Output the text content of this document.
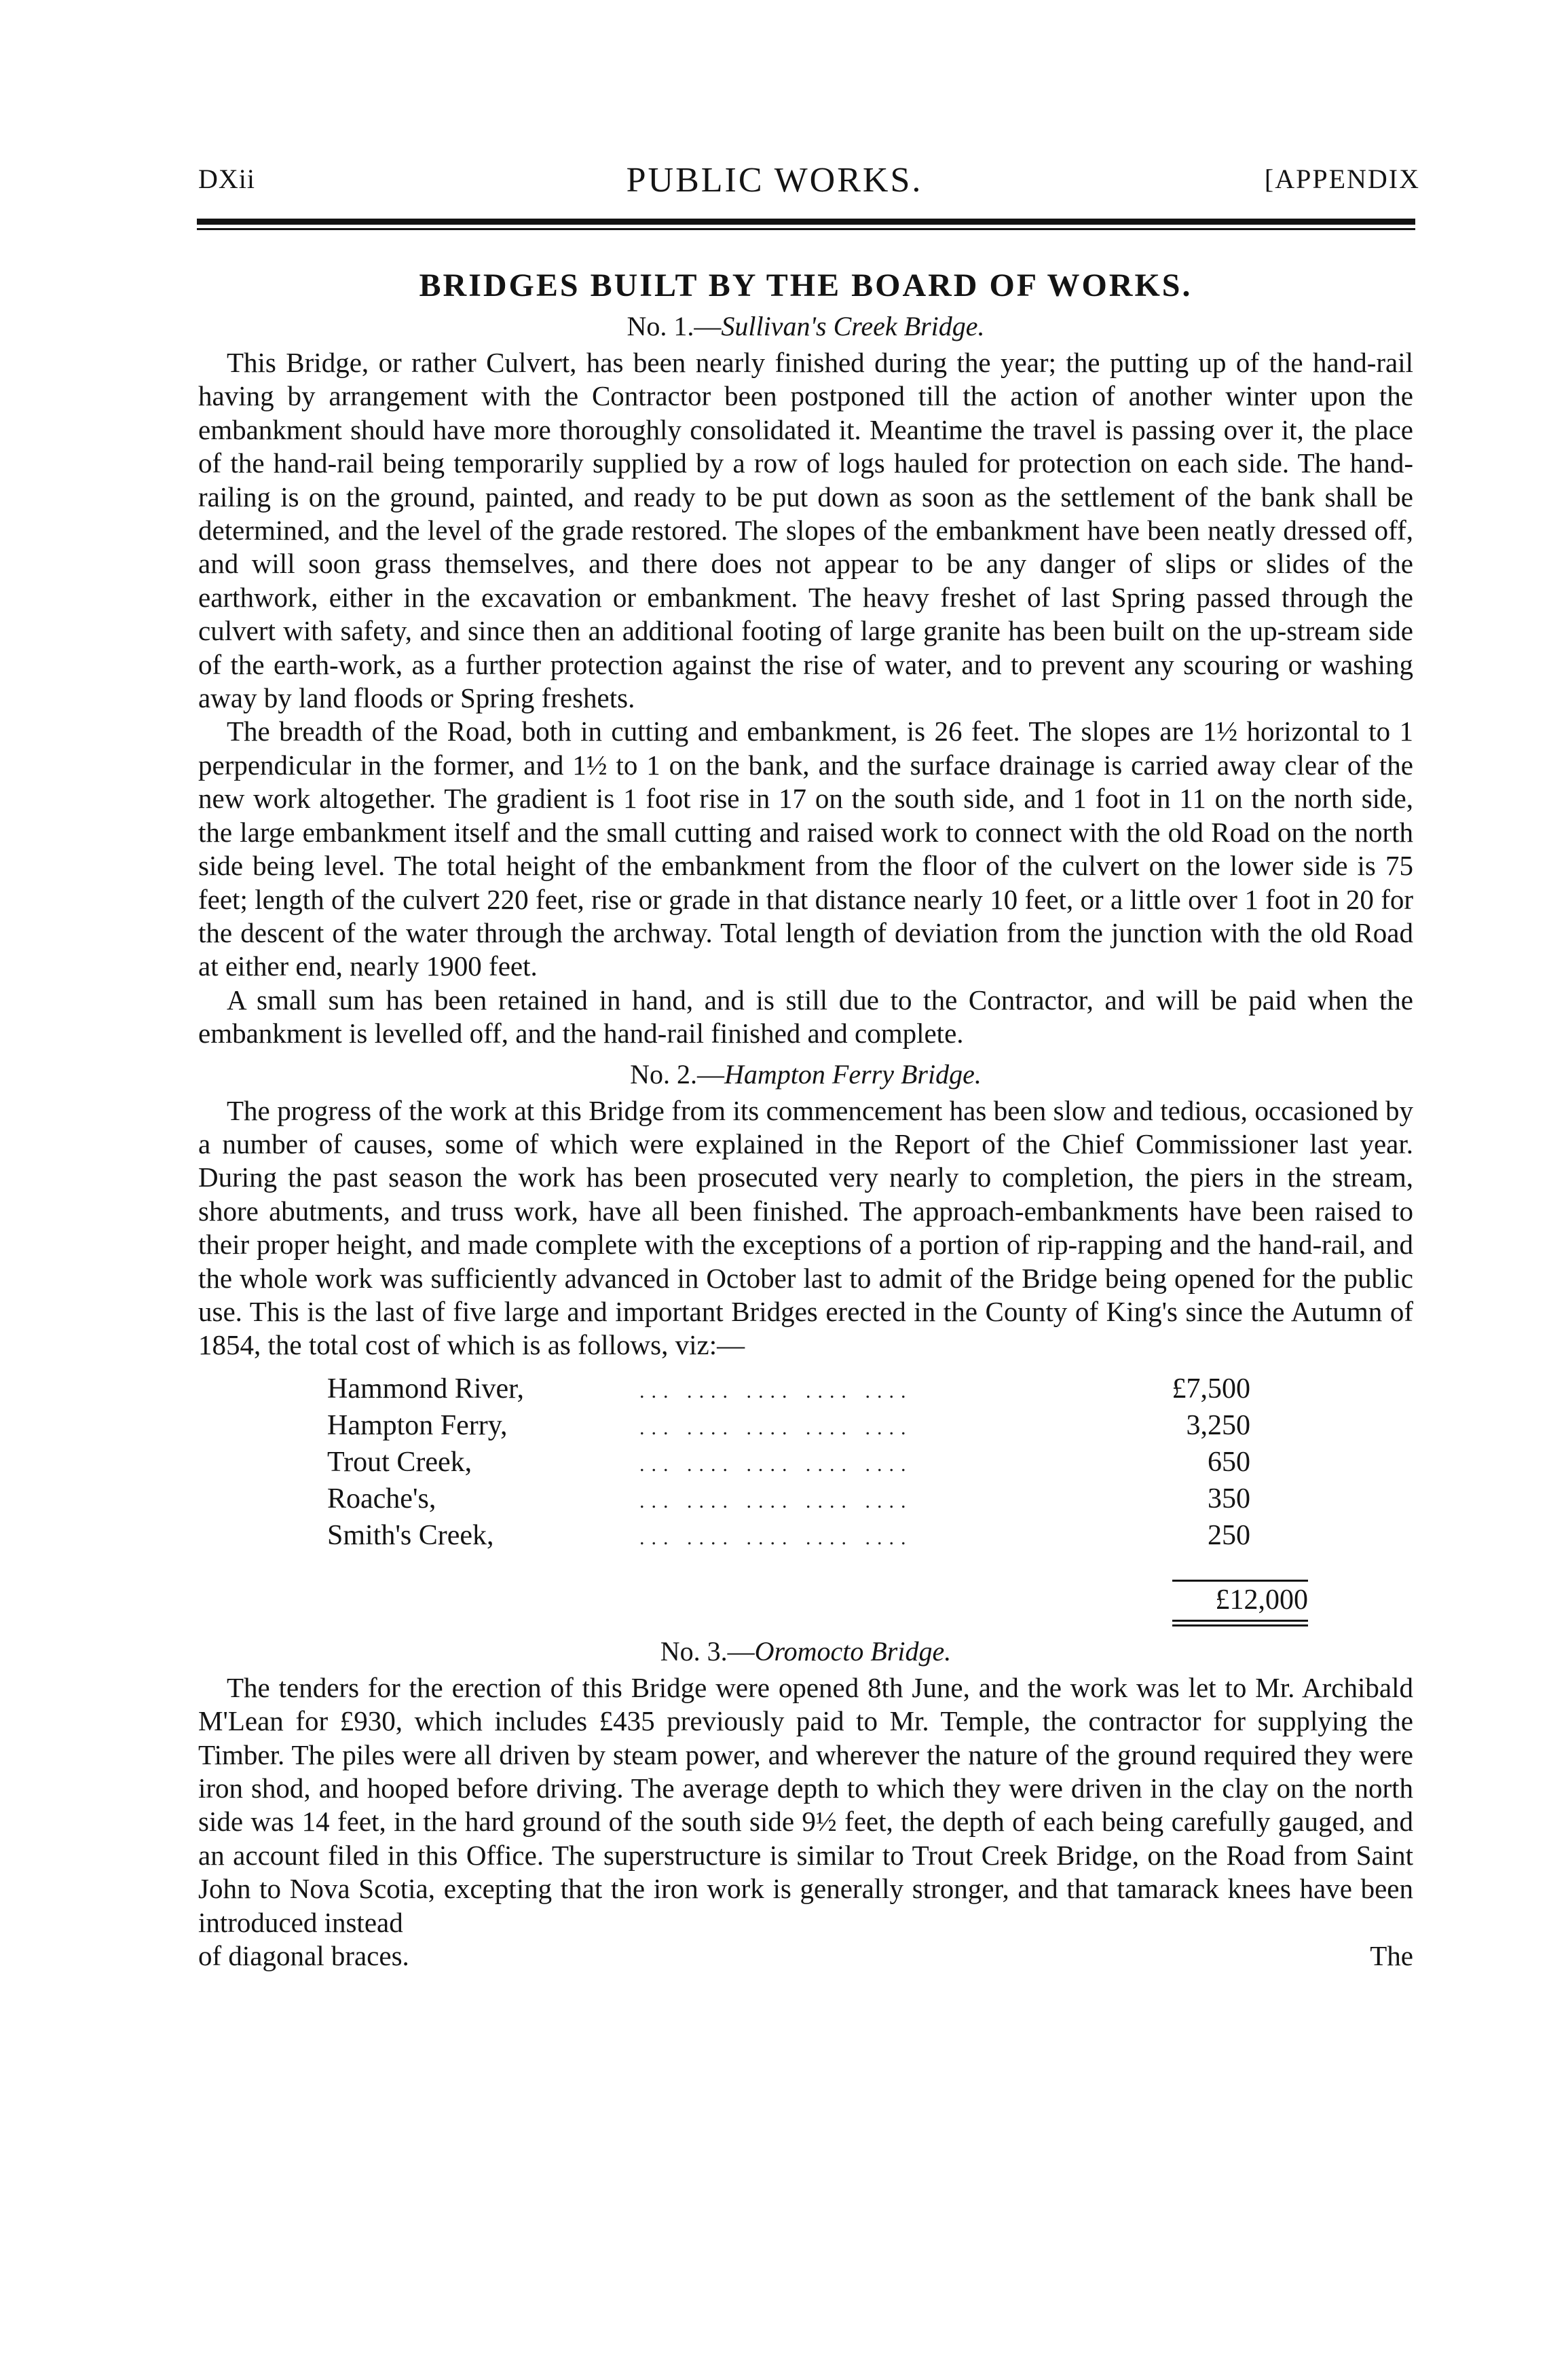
DXii	PUBLIC WORKS.	[APPENDIX
BRIDGES BUILT BY THE BOARD OF WORKS.
No. 1.—Sullivan's Creek Bridge.

This Bridge, or rather Culvert, has been nearly finished during the year; the putting up of the hand-rail having by arrangement with the Contractor been postponed till the action of another winter upon the embankment should have more thoroughly consolidated it. Meantime the travel is passing over it, the place of the hand-rail being temporarily supplied by a row of logs hauled for protection on each side. The hand-railing is on the ground, painted, and ready to be put down as soon as the settlement of the bank shall be determined, and the level of the grade restored. The slopes of the embankment have been neatly dressed off, and will soon grass themselves, and there does not appear to be any danger of slips or slides of the earthwork, either in the excavation or embankment. The heavy freshet of last Spring passed through the culvert with safety, and since then an additional footing of large granite has been built on the up-stream side of the earth-work, as a further protection against the rise of water, and to prevent any scouring or washing away by land floods or Spring freshets.

The breadth of the Road, both in cutting and embankment, is 26 feet. The slopes are 1½ horizontal to 1 perpendicular in the former, and 1½ to 1 on the bank, and the surface drainage is carried away clear of the new work altogether. The gradient is 1 foot rise in 17 on the south side, and 1 foot in 11 on the north side, the large embankment itself and the small cutting and raised work to connect with the old Road on the north side being level. The total height of the embankment from the floor of the culvert on the lower side is 75 feet; length of the culvert 220 feet, rise or grade in that distance nearly 10 feet, or a little over 1 foot in 20 for the descent of the water through the archway. Total length of deviation from the junction with the old Road at either end, nearly 1900 feet.

A small sum has been retained in hand, and is still due to the Contractor, and will be paid when the embankment is levelled off, and the hand-rail finished and complete.

No. 2.—Hampton Ferry Bridge.

The progress of the work at this Bridge from its commencement has been slow and tedious, occasioned by a number of causes, some of which were explained in the Report of the Chief Commissioner last year. During the past season the work has been prosecuted very nearly to completion, the piers in the stream, shore abutments, and truss work, have all been finished. The approach-embankments have been raised to their proper height, and made complete with the exceptions of a portion of rip-rapping and the hand-rail, and the whole work was sufficiently advanced in October last to admit of the Bridge being opened for the public use. This is the last of five large and important Bridges erected in the County of King's since the Autumn of 1854, the total cost of which is as follows, viz:—

Hammond River,	... .... .... .... ....	£7,500
Hampton Ferry,	... .... .... .... ....	3,250
Trout Creek,	... .... .... .... ....	650
Roache's,	... .... .... .... ....	350
Smith's Creek,	... .... .... .... ....	250
£12,000
No. 3.—Oromocto Bridge.

The tenders for the erection of this Bridge were opened 8th June, and the work was let to Mr. Archibald M'Lean for £930, which includes £435 previously paid to Mr. Temple, the contractor for supplying the Timber. The piles were all driven by steam power, and wherever the nature of the ground required they were iron shod, and hooped before driving. The average depth to which they were driven in the clay on the north side was 14 feet, in the hard ground of the south side 9½ feet, the depth of each being carefully gauged, and an account filed in this Office. The superstructure is similar to Trout Creek Bridge, on the Road from Saint John to Nova Scotia, excepting that the iron work is generally stronger, and that tamarack knees have been introduced instead

of diagonal braces.	The
